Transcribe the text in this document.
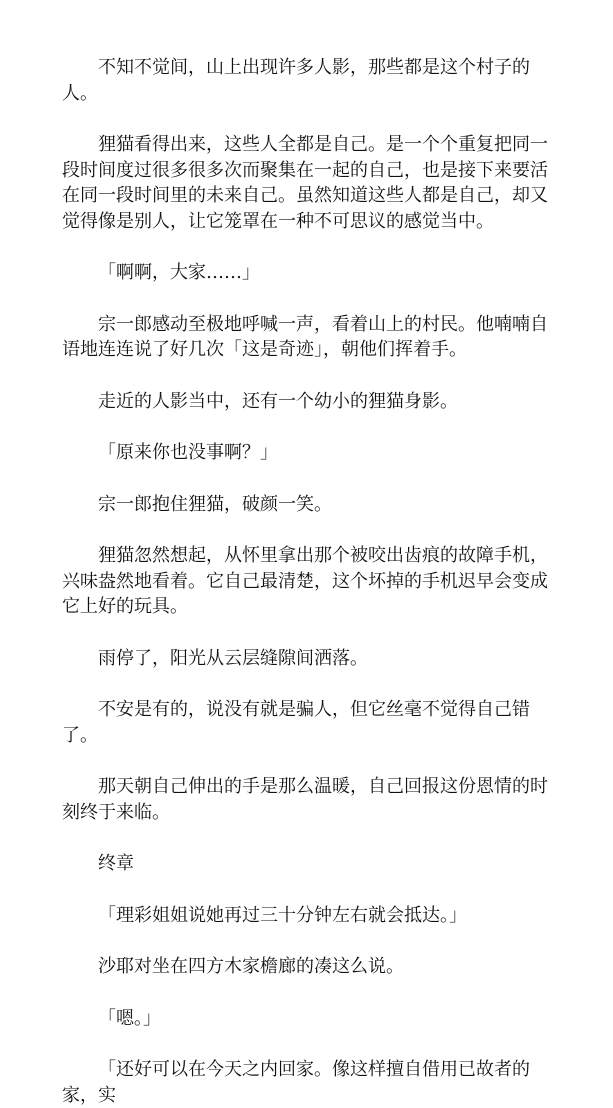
不知不觉间，山上出现许多人影，那些都是这个村子的人。

狸猫看得出来，这些人全都是自己。是一个个重复把同一段时间度过很多很多次而聚集在一起的自己，也是接下来要活在同一段时间里的未来自己。虽然知道这些人都是自己，却又觉得像是别人，让它笼罩在一种不可思议的感觉当中。

「啊啊，大家……」

宗一郎感动至极地呼喊一声，看着山上的村民。他喃喃自语地连连说了好几次「这是奇迹」，朝他们挥着手。

走近的人影当中，还有一个幼小的狸猫身影。

「原来你也没事啊？」

宗一郎抱住狸猫，破颜一笑。

狸猫忽然想起，从怀里拿出那个被咬出齿痕的故障手机，兴味盎然地看着。它自己最清楚，这个坏掉的手机迟早会变成它上好的玩具。

雨停了，阳光从云层缝隙间洒落。

不安是有的，说没有就是骗人，但它丝毫不觉得自己错了。

那天朝自己伸出的手是那么温暖，自己回报这份恩情的时刻终于来临。

终章

「理彩姐姐说她再过三十分钟左右就会抵达。」

沙耶对坐在四方木家檐廊的凑这么说。

「嗯。」

「还好可以在今天之内回家。像这样擅自借用已故者的家，实
